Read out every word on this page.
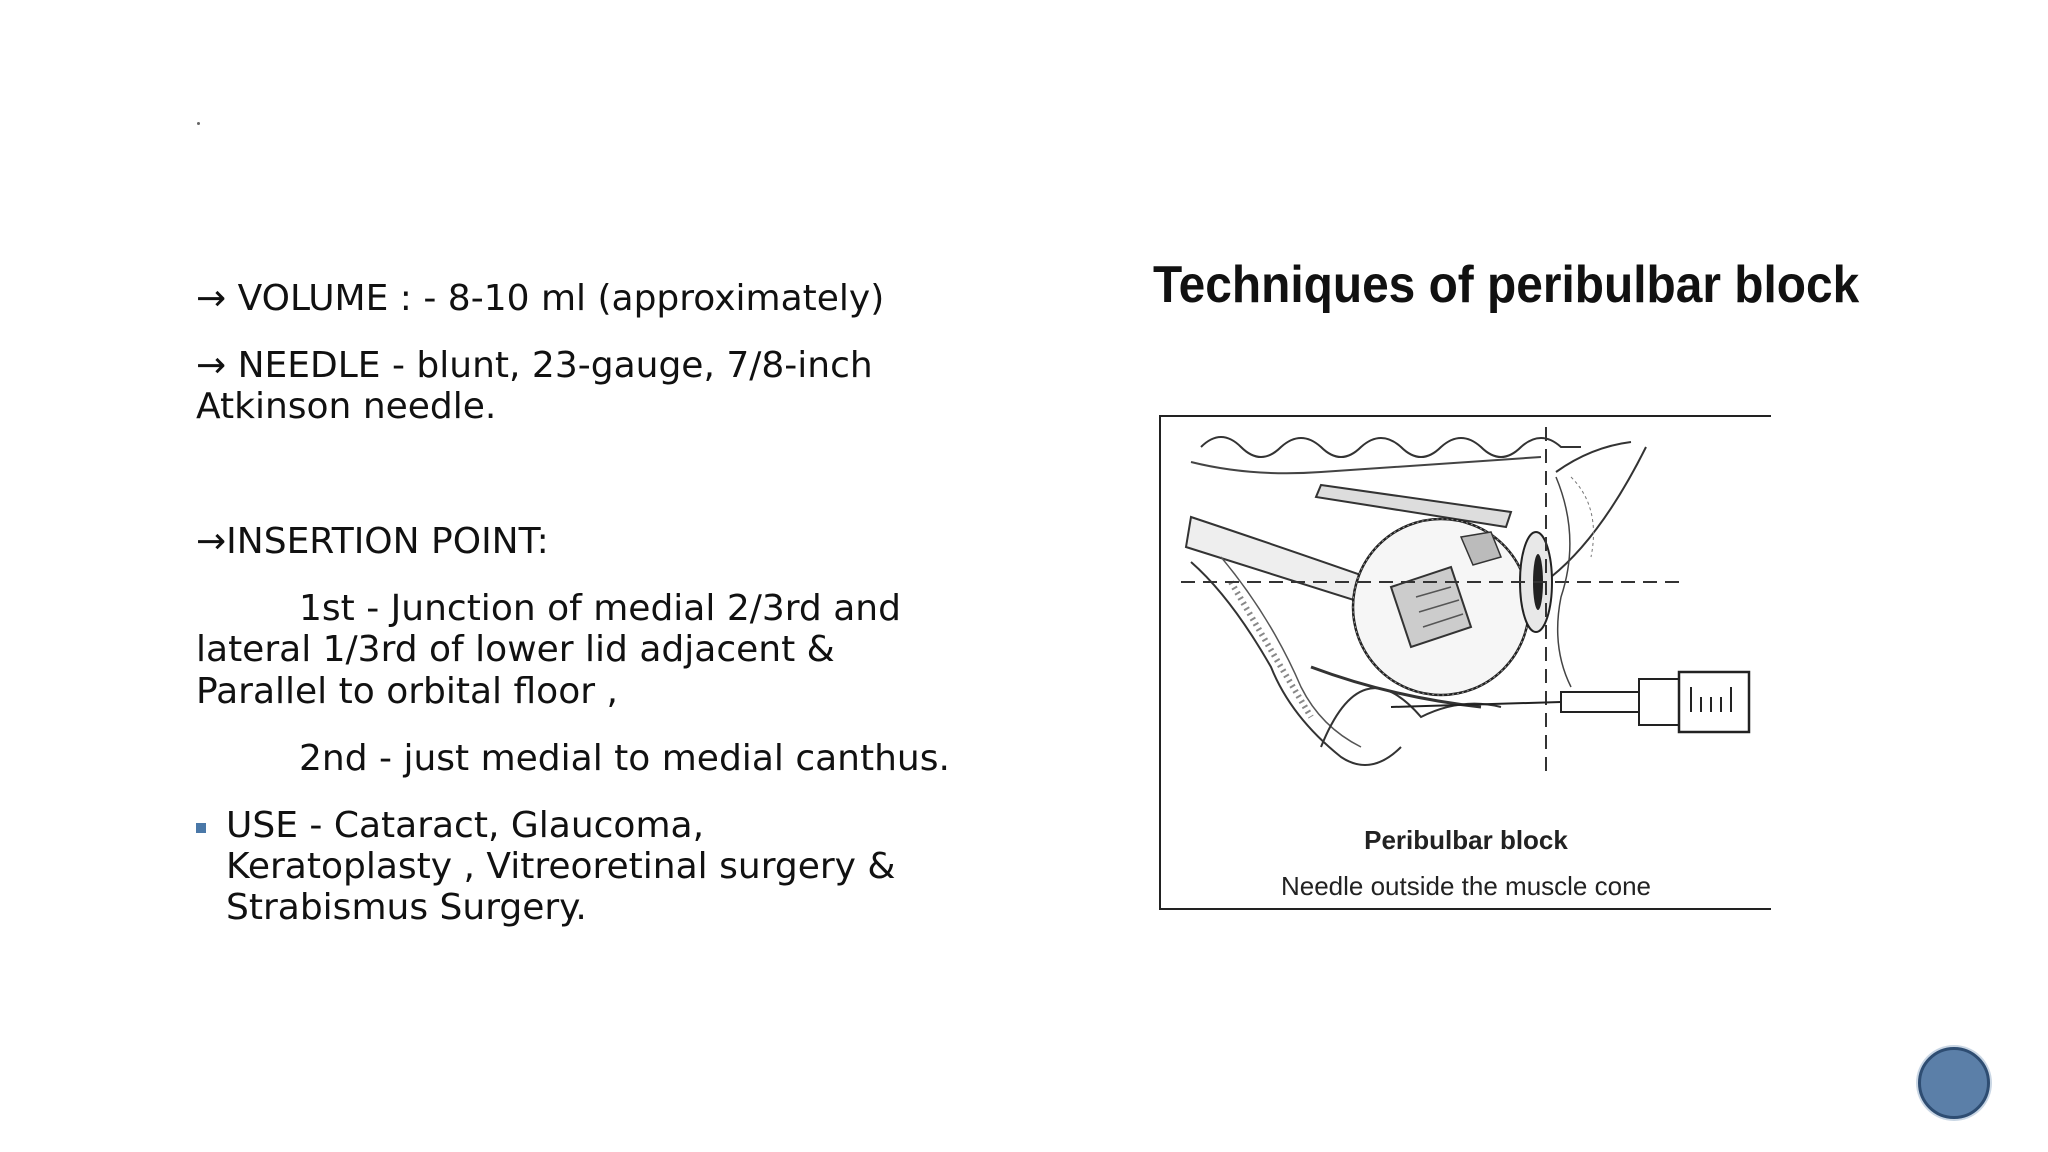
→ VOLUME : - 8-10 ml (approximately)
→ NEEDLE - blunt, 23-gauge, 7/8-inch
Atkinson needle.
→INSERTION POINT:
1st - Junction of medial 2/3rd and
lateral 1/3rd of lower lid adjacent &
Parallel to orbital floor ,
2nd - just medial to medial canthus.
USE - Cataract, Glaucoma,
Keratoplasty , Vitreoretinal surgery &
Strabismus Surgery.
Techniques of peribulbar block
Peribulbar block
Needle outside the muscle cone
